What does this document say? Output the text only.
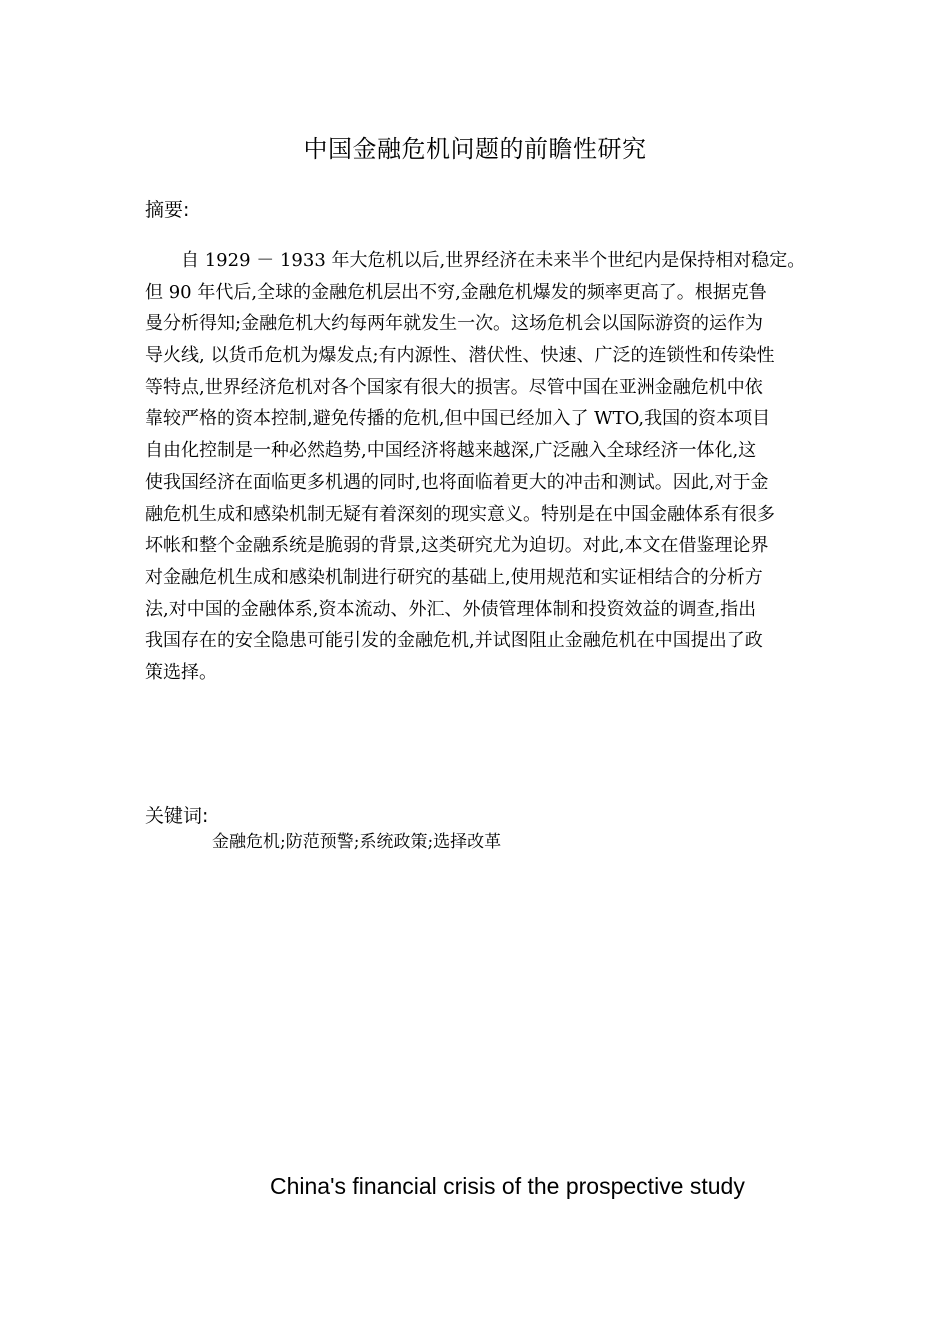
中国金融危机问题的前瞻性研究
摘要:
自 1929 － 1933 年大危机以后,世界经济在未来半个世纪内是保持相对稳定。
但 90 年代后,全球的金融危机层出不穷,金融危机爆发的频率更高了。根据克鲁
曼分析得知;金融危机大约每两年就发生一次。这场危机会以国际游资的运作为
导火线, 以货币危机为爆发点;有内源性、潜伏性、快速、广泛的连锁性和传染性
等特点,世界经济危机对各个国家有很大的损害。尽管中国在亚洲金融危机中依
靠较严格的资本控制,避免传播的危机,但中国已经加入了 WTO,我国的资本项目
自由化控制是一种必然趋势,中国经济将越来越深,广泛融入全球经济一体化,这
使我国经济在面临更多机遇的同时,也将面临着更大的冲击和测试。因此,对于金
融危机生成和感染机制无疑有着深刻的现实意义。特别是在中国金融体系有很多
坏帐和整个金融系统是脆弱的背景,这类研究尤为迫切。对此,本文在借鉴理论界
对金融危机生成和感染机制进行研究的基础上,使用规范和实证相结合的分析方
法,对中国的金融体系,资本流动、外汇、外债管理体制和投资效益的调查,指出
我国存在的安全隐患可能引发的金融危机,并试图阻止金融危机在中国提出了政
策选择。
关键词:
金融危机;防范预警;系统政策;选择改革
China's financial crisis of the prospective study
